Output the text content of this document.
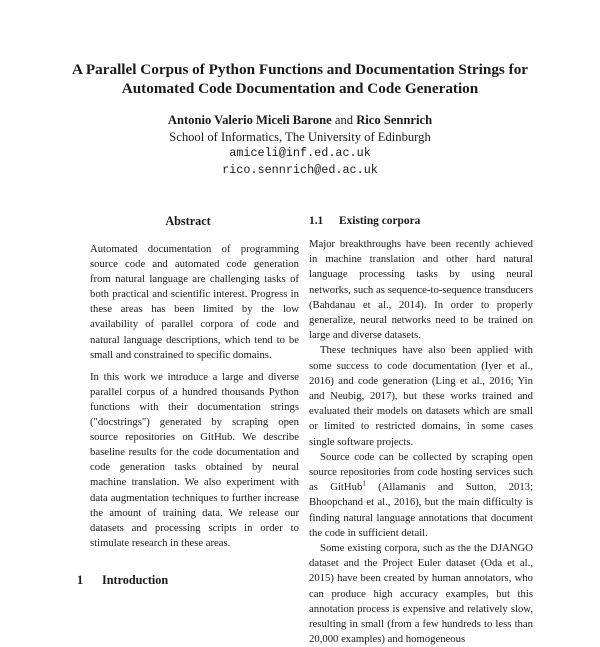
A Parallel Corpus of Python Functions and Documentation Strings for
Automated Code Documentation and Code Generation
Antonio Valerio Miceli Barone and Rico Sennrich
School of Informatics, The University of Edinburgh
amiceli@inf.ed.ac.uk
rico.sennrich@ed.ac.uk
Abstract

Automated documentation of programming source code and automated code generation from natural language are challenging tasks of both practical and scientific interest. Progress in these areas has been limited by the low availability of parallel corpora of code and natural language descriptions, which tend to be small and constrained to specific domains.

In this work we introduce a large and diverse parallel corpus of a hundred thousands Python functions with their documentation strings ("docstrings") generated by scraping open source repositories on GitHub. We describe baseline results for the code documentation and code generation tasks obtained by neural machine translation. We also experiment with data augmentation techniques to further increase the amount of training data. We release our datasets and processing scripts in order to stimulate research in these areas.

1	Introduction
1.1	Existing corpora

Major breakthroughs have been recently achieved in machine translation and other hard natural language processing tasks by using neural networks, such as sequence-to-sequence transducers (Bahdanau et al., 2014). In order to properly generalize, neural networks need to be trained on large and diverse datasets.

These techniques have also been applied with some success to code documentation (Iyer et al., 2016) and code generation (Ling et al., 2016; Yin and Neubig, 2017), but these works trained and evaluated their models on datasets which are small or limited to restricted domains, in some cases single software projects.

Source code can be collected by scraping open source repositories from code hosting services such as GitHub$^1$ (Allamanis and Sutton, 2013; Bhoopchand et al., 2016), but the main difficulty is finding natural language annotations that document the code in sufficient detail.

Some existing corpora, such as the the DJANGO dataset and the Project Euler dataset (Oda et al., 2015) have been created by human annotators, who can produce high accuracy examples, but this annotation process is expensive and relatively slow, resulting in small (from a few hundreds to less than 20,000 examples) and homogeneous
